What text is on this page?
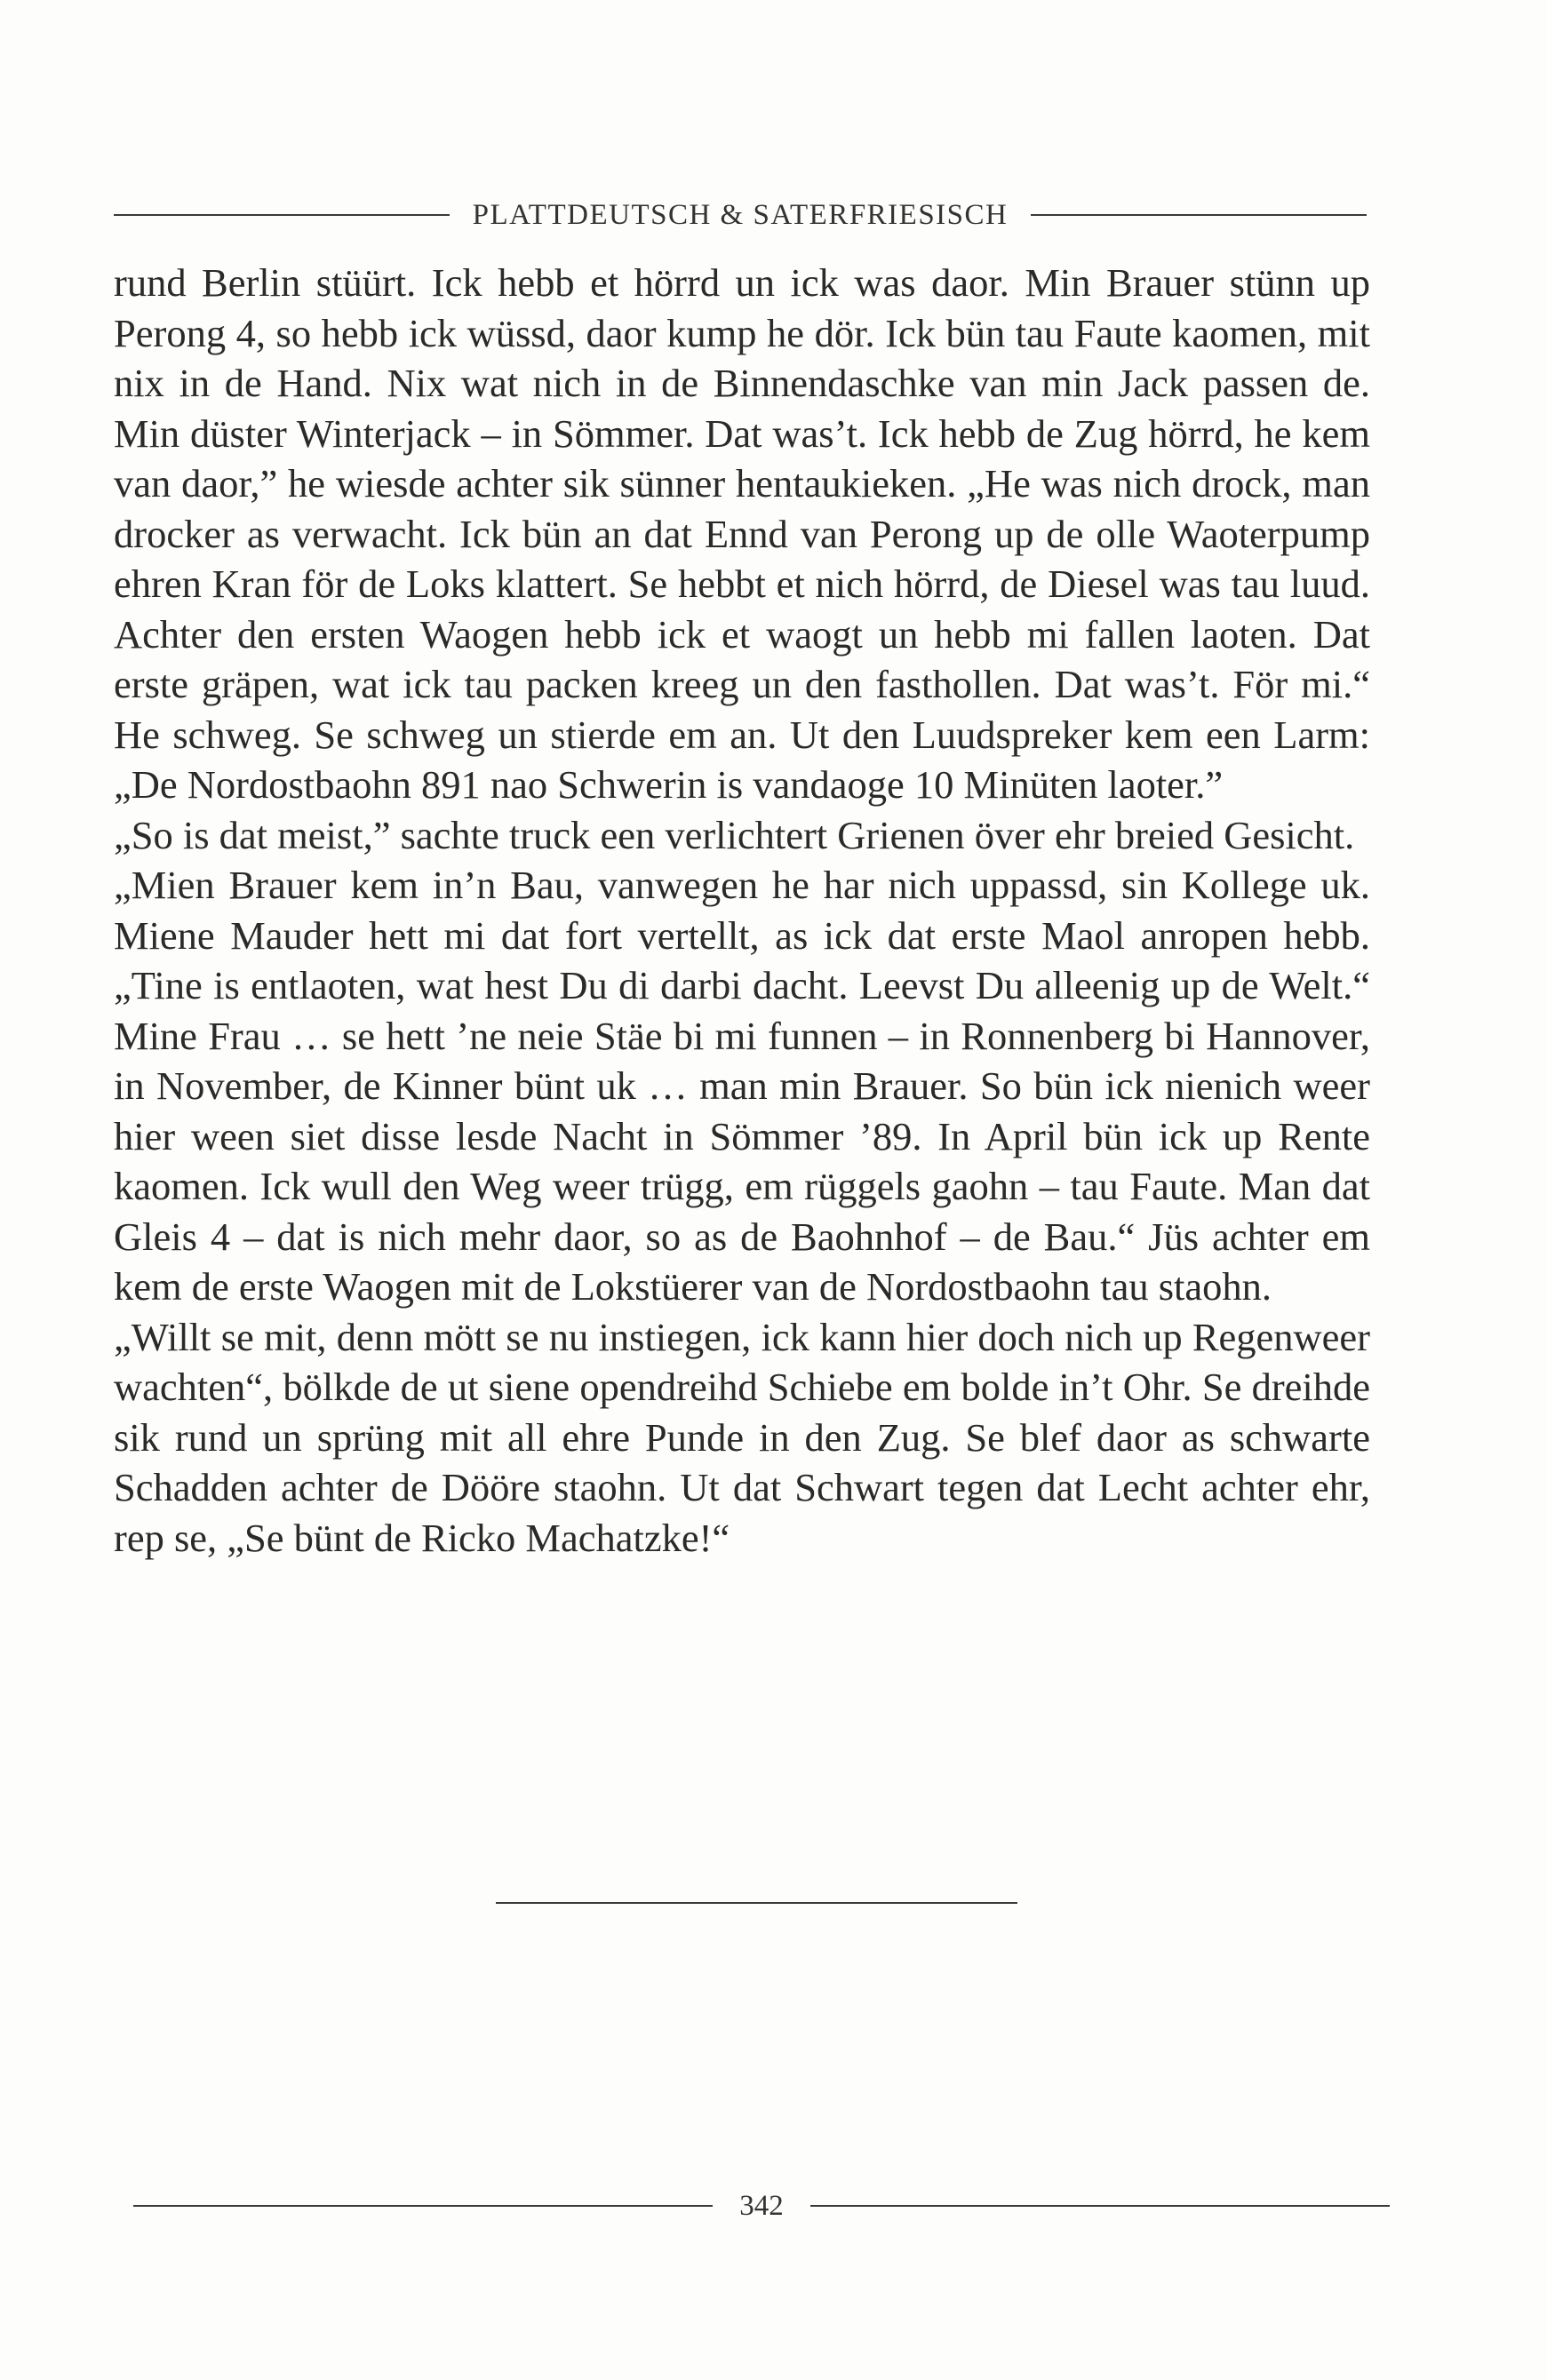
PLATTDEUTSCH & SATERFRIESISCH

rund Berlin stüürt. Ick hebb et hörrd un ick was daor. Min Brauer stünn up Perong 4, so hebb ick wüssd, daor kump he dör. Ick bün tau Faute kaomen, mit nix in de Hand. Nix wat nich in de Binnendaschke van min Jack passen de. Min düster Winterjack – in Sömmer. Dat was’t. Ick hebb de Zug hörrd, he kem van daor,” he wiesde achter sik sünner hentaukieken. „He was nich drock, man drocker as verwacht. Ick bün an dat Ennd van Perong up de olle Waoterpump ehren Kran för de Loks klattert. Se hebbt et nich hörrd, de Diesel was tau luud. Achter den ersten Waogen hebb ick et waogt un hebb mi fallen laoten. Dat erste gräpen, wat ick tau packen kreeg un den fasthollen. Dat was’t. För mi.“ He schweg. Se schweg un stierde em an. Ut den Luudspreker kem een Larm: „De Nordostbaohn 891 nao Schwerin is vandaoge 10 Minüten laoter.”

„So is dat meist,” sachte truck een verlichtert Grienen över ehr breied Gesicht.

„Mien Brauer kem in’n Bau, vanwegen he har nich uppassd, sin Kollege uk. Miene Mauder hett mi dat fort vertellt, as ick dat erste Maol anropen hebb. „Tine is entlaoten, wat hest Du di darbi dacht. Leevst Du alleenig up de Welt.“ Mine Frau … se hett ’ne neie Stäe bi mi funnen – in Ronnenberg bi Hannover, in November, de Kinner bünt uk … man min Brauer. So bün ick nienich weer hier ween siet disse lesde Nacht in Sömmer ’89. In April bün ick up Rente kaomen. Ick wull den Weg weer trügg, em rüggels gaohn – tau Faute. Man dat Gleis 4 – dat is nich mehr daor, so as de Baohnhof – de Bau.“ Jüs achter em kem de erste Waogen mit de Lokstüerer van de Nordostbaohn tau staohn.

„Willt se mit, denn mött se nu instiegen, ick kann hier doch nich up Regenweer wachten“, bölkde de ut siene opendreihd Schiebe em bolde in’t Ohr. Se dreihde sik rund un sprüng mit all ehre Punde in den Zug. Se blef daor as schwarte Schadden achter de Dööre staohn. Ut dat Schwart tegen dat Lecht achter ehr, rep se, „Se bünt de Ricko Machatzke!“

342
